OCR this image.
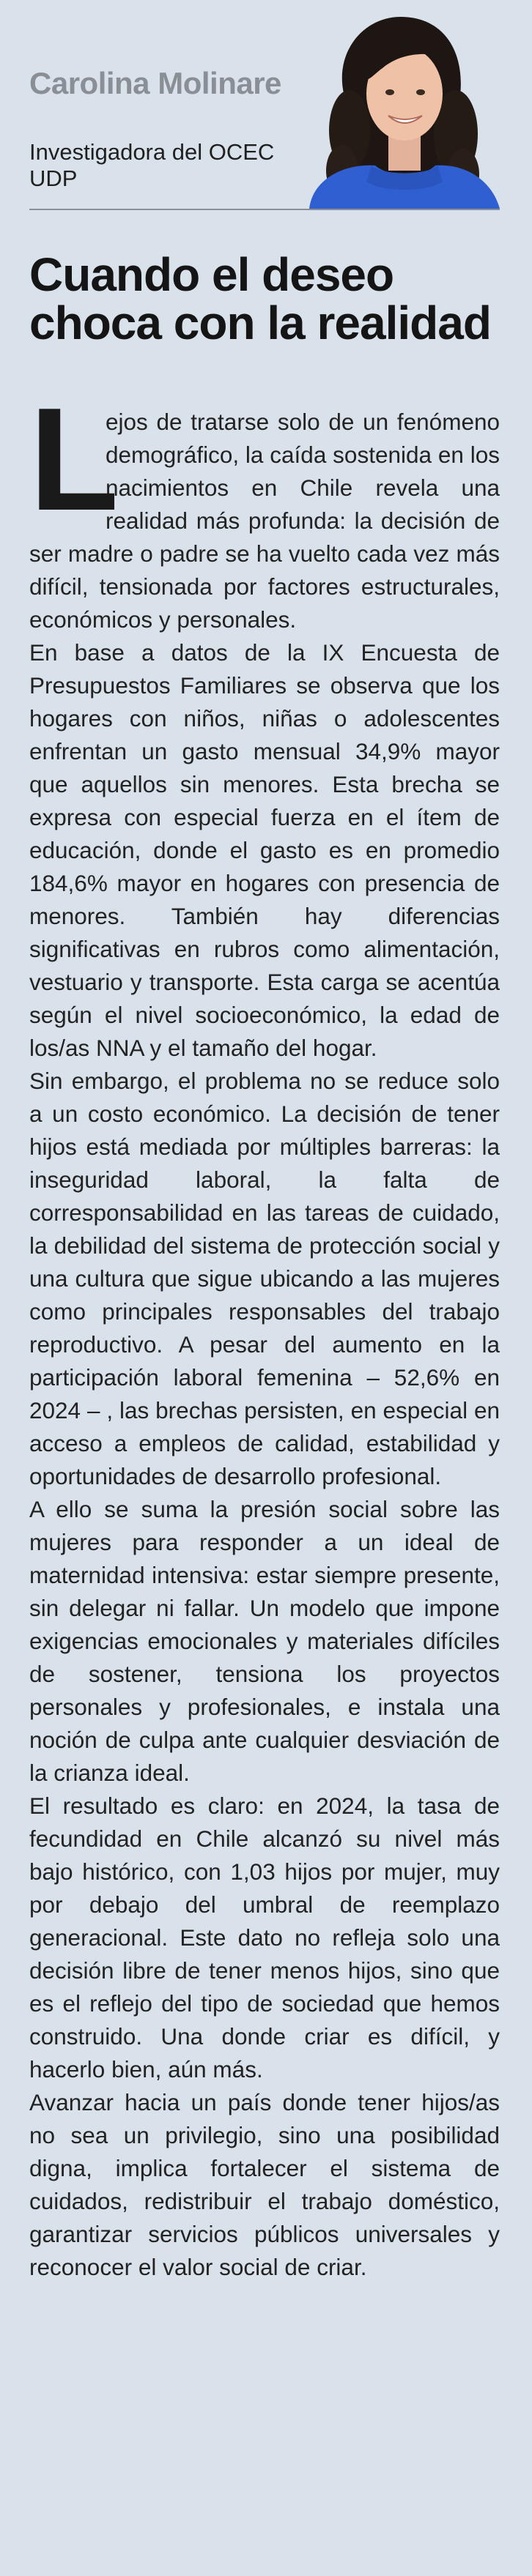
Carolina Molinare
Investigadora del OCEC UDP
Cuando el deseo choca con la realidad
L

ejos de tratarse solo de un fenómeno demográfico, la caída sostenida en los nacimientos en Chile revela una realidad más profunda: la decisión de ser madre o padre se ha vuelto cada vez más difícil, tensionada por factores estructurales, económicos y personales.

En base a datos de la IX Encuesta de Presupuestos Familiares se observa que los hogares con niños, niñas o adolescentes enfrentan un gasto mensual 34,9% mayor que aquellos sin menores. Esta brecha se expresa con especial fuerza en el ítem de educación, donde el gasto es en promedio 184,6% mayor en hogares con presencia de menores. También hay diferencias significativas en rubros como alimentación, vestuario y transporte. Esta carga se acentúa según el nivel socioeconómico, la edad de los/as NNA y el tamaño del hogar.

Sin embargo, el problema no se reduce solo a un costo económico. La decisión de tener hijos está mediada por múltiples barreras: la inseguridad laboral, la falta de corresponsabilidad en las tareas de cuidado, la debilidad del sistema de protección social y una cultura que sigue ubicando a las mujeres como principales responsables del trabajo reproductivo. A pesar del aumento en la participación laboral femenina – 52,6% en 2024 – , las brechas persisten, en especial en acceso a empleos de calidad, estabilidad y oportunidades de desarrollo profesional.

A ello se suma la presión social sobre las mujeres para responder a un ideal de maternidad intensiva: estar siempre presente, sin delegar ni fallar. Un modelo que impone exigencias emocionales y materiales difíciles de sostener, tensiona los proyectos personales y profesionales, e instala una noción de culpa ante cualquier desviación de la crianza ideal.

El resultado es claro: en 2024, la tasa de fecundidad en Chile alcanzó su nivel más bajo histórico, con 1,03 hijos por mujer, muy por debajo del umbral de reemplazo generacional. Este dato no refleja solo una decisión libre de tener menos hijos, sino que es el reflejo del tipo de sociedad que hemos construido. Una donde criar es difícil, y hacerlo bien, aún más.

Avanzar hacia un país donde tener hijos/as no sea un privilegio, sino una posibilidad digna, implica fortalecer el sistema de cuidados, redistribuir el trabajo doméstico, garantizar servicios públicos universales y reconocer el valor social de criar.
